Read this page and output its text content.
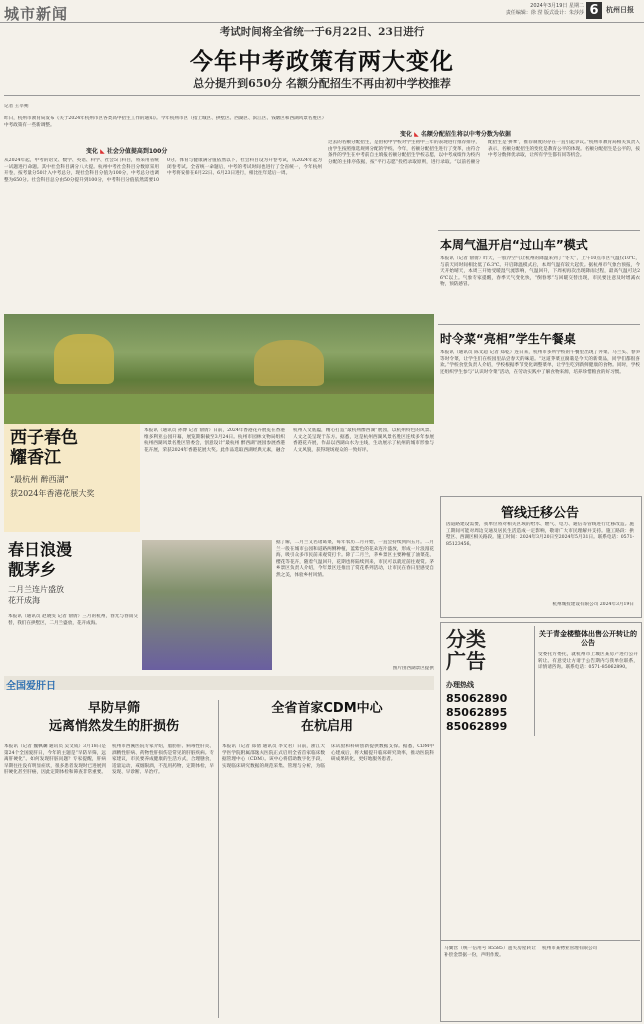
城市新闻	2024年3月19日 星期二
责任编辑：徐 滢 版式设计：朱莎莎 6	杭州日报
考试时间将全省统一于6月22日、23日进行
今年中考政策有两大变化
总分提升到650分 名额分配招生不再由初中学校推荐
记者 王莘朔
昨日，杭州市教育局发布《关于2024年杭州市区各类高中招生工作的通知》。今年杭州市区（指上城区、拱墅区、西湖区、滨江区、钱塘区和西湖风景名胜区）中考政策有一些新调整。
变化 ◣ 社会分值提高到100分
从2024年起，中考的语文、数学、英语、科学、社会5门科目，将采用省统一试题进行命题。其中社会科目满分八大提。杭州中考社会科目分数原采用开卷，按考量分50计入中考总分，现社会科目分值为100分，中考总分也调整为650分。社会科目总分由50分提升到100分，中考科目分值依然需要100分。体育与健康满分值依然以下，社会科目设为开卷考试，从2024年起为闭卷考试。全省统一命题后，中考的考试时间也进行了全省统一，今年杭州中考将安排在6月22日、6月23日进行，相比往年延后一周。
变化 ◣ 名额分配招生将以中考分数为依据
过去的名额分配招生，是由初中学校对学生初中三年的表现进行推荐排序，由学生按照推选规则分配的学校。今年，名额分配招生进行了变革，由符合条件的学生在中考前自主填报名额分配招生学校志愿，以中考成绩作为校内分配的主排序依据，按“平行志愿”投档录取原则，进行录取。“以前名额分配招生是‘拼爹’，推荐制度的存在一直引起争议。”杭州市教育局相关负责人表示，名额分配招生的变化是教育公平的体现。名额分配招生是公平的，按中考分数择优录取，让所有学生都有同等机会。
本周气温开启“过山车”模式
本报讯（记者 俞倩）昨天，一股冷空气让杭州的降温来到了“冬天”，上午10点市区气温仅10℃，与前天同时间相比低了6.3℃。开启降温模式后，本周气温有较大起伏。据杭州市气象台预报，今天开始晴天，本周三开始受暖湿气流影响，气温回升，下周初再次出现降雨过程，最高气温可达26℃以上。气象专家提醒，春季天气变化快，“倒春寒”与回暖交替出现，市民要注意及时增减衣物，预防感冒。
时令菜“亮相”学生午餐桌
本报讯（通讯员 陈文超 记者 郑乾）连日来，杭州市多所学校的午餐里出现了荠菜、马兰头、春笋等时令菜，让学生们在校园里品尝春天的味道。“这道荠菜豆腐羹是今天的新菜品，同学们都很喜欢。”学校食堂负责人介绍，学校根据季节变化调整菜单，让学生吃到新鲜健康的食物。同时，学校还组织学生参与“认识时令菜”活动，在劳动实践中了解食物来源，培养珍惜粮食的好习惯。
管线迁移公告
因道路建设需要，我单位将对相关区域的给水、燃气、电力、通信等管线进行迁移改造。施工期间可能对周边交通及居民生活造成一定影响，敬请广大市民理解并支持。施工路段：拱墅区、西湖区相关路段。施工时间：2024年3月20日至2024年5月31日。联系电话：0571-85123456。
杭州城投建设有限公司 2024年3月19日
西子春色
耀香江
“最杭州 醉西湖”
获2024年香港花展大奖
本报讯（通讯员 孙博 记者 俞倩）日前，2024年香港花卉展览在香港维多利亚公园开幕，展览期限截至3月24日。杭州市园林文物局组织杭州西湖风景名胜区管委会，创意设计“最杭州 醉西湖”展园参展香港花卉展，荣获2024年香港花展大奖。此作品选取西湖经典元素，融合杭州人文底蕴，精心打造“最杭州醉西湖”展园，以杭州特色的风景、人文之美呈现于东方。据悉，这是杭州西湖风景名胜区连续多年参展香港花卉展，作品以西湖山水为主线，生动展示了杭州的城市形象与人文风貌，获得现场观众的一致好评。
春日浪漫
靓茅乡
二月兰连片盛放
花开成海
本报讯（通讯员 赵晓雯 记者 俞倩）三月的杭州，春光与春雨交替，我们在拱墅区，二月兰盛放，花开成海。
据了解，二月兰又名诸葛菜，每年农历二月开始，一直会持续到四五月。二月兰一般在城市公园和道路两侧种植，蓝紫色的花朵连片盛放，形成一片浪漫花海，吸引众多市民前来观赏打卡。除了二月兰，茅乡景区主要种植了油菜花、樱花等花卉，随着气温回升，花期也将陆续到来，市民可以就近前往观赏。茅乡景区负责人介绍，今年景区还推出了赏花系列活动，让市民在春日里感受自然之美，体验乡村风情。
图片由西湖景区提供
全国爱肝日
早防早筛
远离悄然发生的肝损伤
本报讯（记者 魏枫斓 通讯员 吴文成）3月18日是第24个全国爱肝日，今年的主题是“早防早筛，远离肝硬化”。如何发现肝脏问题？专家提醒，肝病早期往往没有明显症状，很多患者发现时已进展到肝硬化甚至肝癌，因此定期体检和筛查非常重要。杭州市西溪医院专家介绍，脂肪肝、病毒性肝炎、酒精性肝病、药物性肝损伤是常见的肝脏疾病。专家建议，市民要养成健康的生活方式，合理膳食，适量运动，戒烟限酒，不乱用药物，定期体检，早发现、早诊断、早治疗。
全省首家CDM中心
在杭启用
本报讯（记者 郑倩 通讯员 李文君）日前，浙江大学医学院附属邵逸夫医院正式启用全省首家临床数据管理中心（CDM）。该中心将借助数字化手段，实现临床研究数据的规范采集、管理与分析，为临床试验和科研创新提供数据支撑。据悉，CDM中心建成后，将大幅提升临床研究效率，推动医院科研成果转化，更好地服务患者。
分类
广告
办理热线
85062890
85062895
85062899
关于青金楼整体出售公开转让的公告
受委托方委托，就杭州市上城区某房产进行公开转让。有意受让方请于公告期内与我单位联系，详情请咨询。联系电话：0571-85062890。
马翼营（统一信用号 85585）遗失房屋转让补偿金票据一份，声明作废。
杭州市某物业管理有限公司
